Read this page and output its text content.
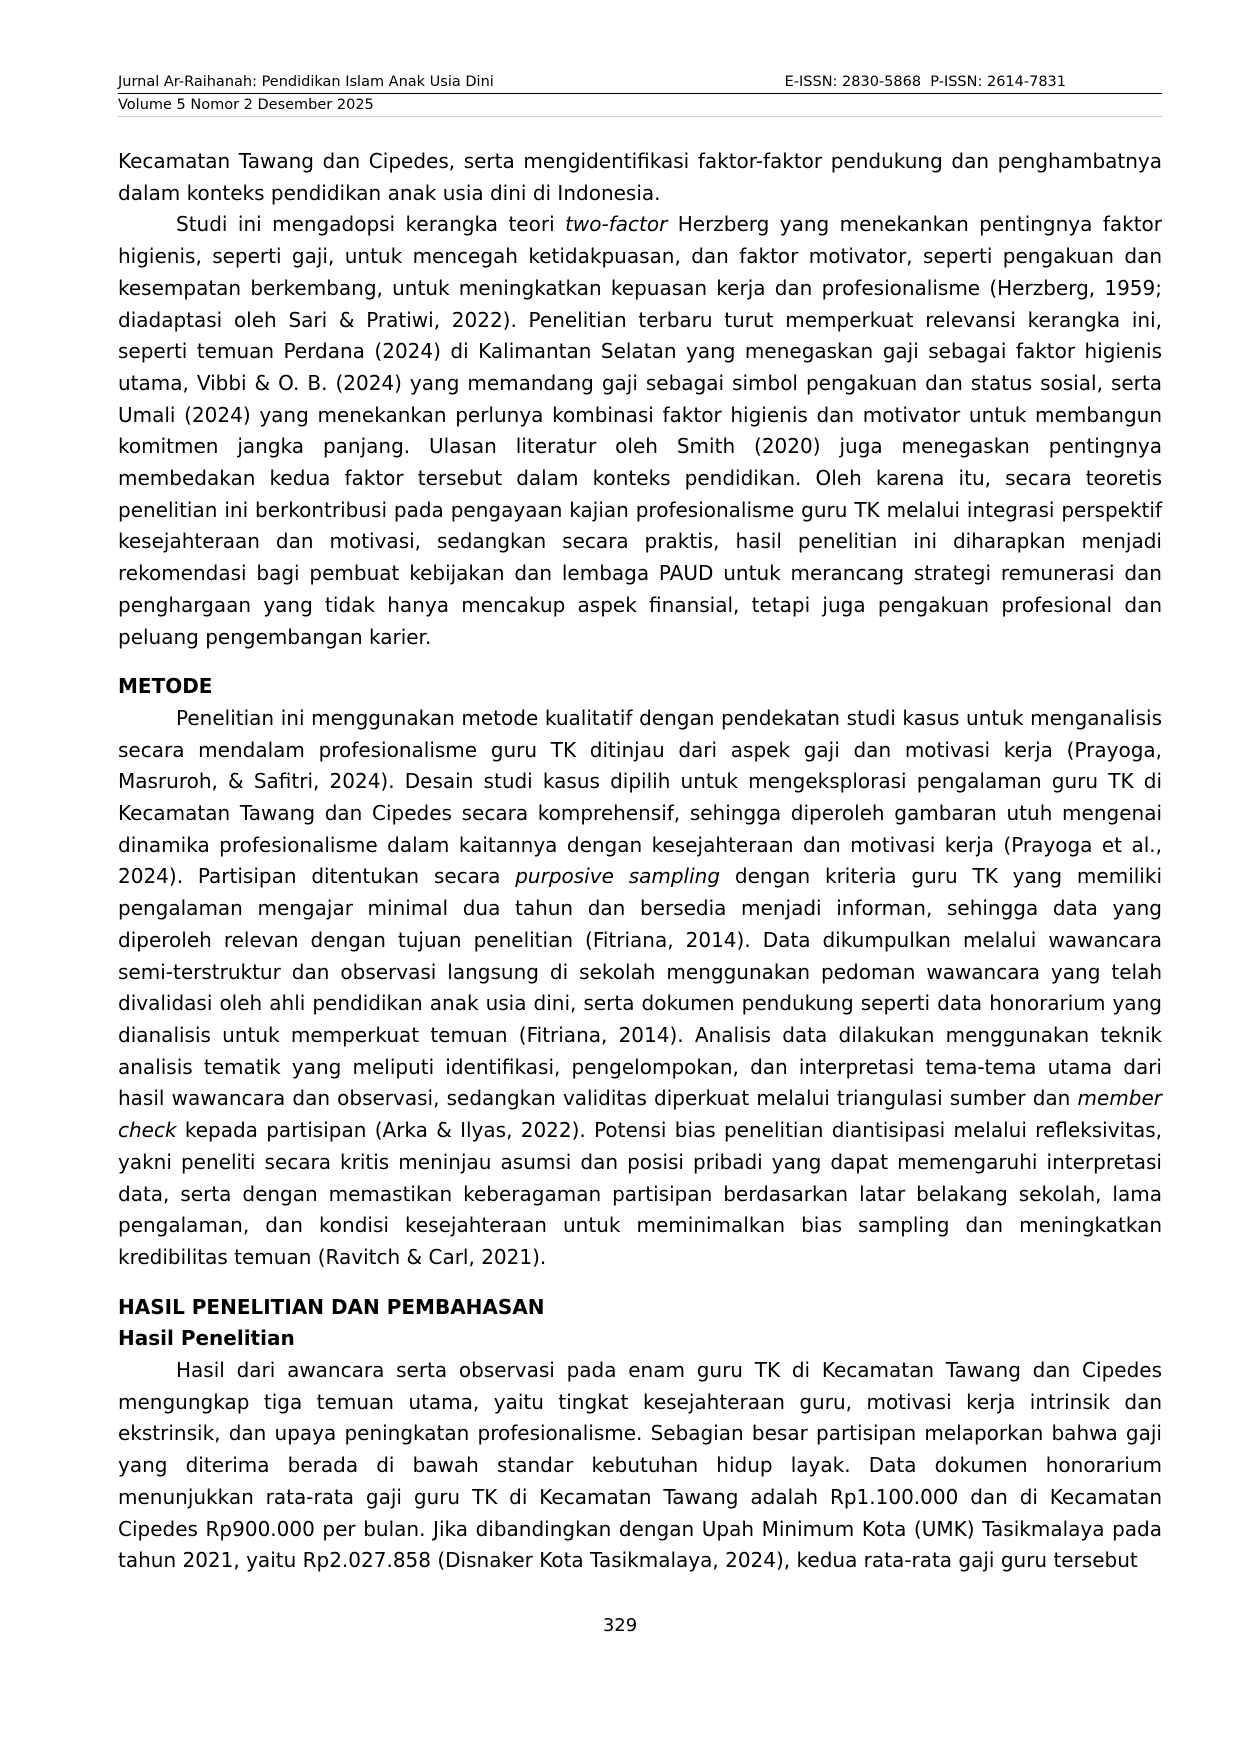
Jurnal Ar-Raihanah: Pendidikan Islam Anak Usia Dini	E-ISSN: 2830-5868  P-ISSN: 2614-7831
Volume 5 Nomor 2 Desember 2025

Kecamatan Tawang dan Cipedes, serta mengidentifikasi faktor-faktor pendukung dan penghambatnya dalam konteks pendidikan anak usia dini di Indonesia.

Studi ini mengadopsi kerangka teori two-factor Herzberg yang menekankan pentingnya faktor higienis, seperti gaji, untuk mencegah ketidakpuasan, dan faktor motivator, seperti pengakuan dan kesempatan berkembang, untuk meningkatkan kepuasan kerja dan profesionalisme (Herzberg, 1959; diadaptasi oleh Sari & Pratiwi, 2022). Penelitian terbaru turut memperkuat relevansi kerangka ini, seperti temuan Perdana (2024) di Kalimantan Selatan yang menegaskan gaji sebagai faktor higienis utama, Vibbi & O. B. (2024) yang memandang gaji sebagai simbol pengakuan dan status sosial, serta Umali (2024) yang menekankan perlunya kombinasi faktor higienis dan motivator untuk membangun komitmen jangka panjang. Ulasan literatur oleh Smith (2020) juga menegaskan pentingnya membedakan kedua faktor tersebut dalam konteks pendidikan. Oleh karena itu, secara teoretis penelitian ini berkontribusi pada pengayaan kajian profesionalisme guru TK melalui integrasi perspektif kesejahteraan dan motivasi, sedangkan secara praktis, hasil penelitian ini diharapkan menjadi rekomendasi bagi pembuat kebijakan dan lembaga PAUD untuk merancang strategi remunerasi dan penghargaan yang tidak hanya mencakup aspek finansial, tetapi juga pengakuan profesional dan peluang pengembangan karier.

METODE

Penelitian ini menggunakan metode kualitatif dengan pendekatan studi kasus untuk menganalisis secara mendalam profesionalisme guru TK ditinjau dari aspek gaji dan motivasi kerja (Prayoga, Masruroh, & Safitri, 2024). Desain studi kasus dipilih untuk mengeksplorasi pengalaman guru TK di Kecamatan Tawang dan Cipedes secara komprehensif, sehingga diperoleh gambaran utuh mengenai dinamika profesionalisme dalam kaitannya dengan kesejahteraan dan motivasi kerja (Prayoga et al., 2024). Partisipan ditentukan secara purposive sampling dengan kriteria guru TK yang memiliki pengalaman mengajar minimal dua tahun dan bersedia menjadi informan, sehingga data yang diperoleh relevan dengan tujuan penelitian (Fitriana, 2014). Data dikumpulkan melalui wawancara semi-terstruktur dan observasi langsung di sekolah menggunakan pedoman wawancara yang telah divalidasi oleh ahli pendidikan anak usia dini, serta dokumen pendukung seperti data honorarium yang dianalisis untuk memperkuat temuan (Fitriana, 2014). Analisis data dilakukan menggunakan teknik analisis tematik yang meliputi identifikasi, pengelompokan, dan interpretasi tema-tema utama dari hasil wawancara dan observasi, sedangkan validitas diperkuat melalui triangulasi sumber dan member check kepada partisipan (Arka & Ilyas, 2022). Potensi bias penelitian diantisipasi melalui refleksivitas, yakni peneliti secara kritis meninjau asumsi dan posisi pribadi yang dapat memengaruhi interpretasi data, serta dengan memastikan keberagaman partisipan berdasarkan latar belakang sekolah, lama pengalaman, dan kondisi kesejahteraan untuk meminimalkan bias sampling dan meningkatkan kredibilitas temuan (Ravitch & Carl, 2021).

HASIL PENELITIAN DAN PEMBAHASAN
Hasil Penelitian

Hasil dari awancara serta observasi pada enam guru TK di Kecamatan Tawang dan Cipedes mengungkap tiga temuan utama, yaitu tingkat kesejahteraan guru, motivasi kerja intrinsik dan ekstrinsik, dan upaya peningkatan profesionalisme. Sebagian besar partisipan melaporkan bahwa gaji yang diterima berada di bawah standar kebutuhan hidup layak. Data dokumen honorarium menunjukkan rata-rata gaji guru TK di Kecamatan Tawang adalah Rp1.100.000 dan di Kecamatan Cipedes Rp900.000 per bulan. Jika dibandingkan dengan Upah Minimum Kota (UMK) Tasikmalaya pada tahun 2021, yaitu Rp2.027.858 (Disnaker Kota Tasikmalaya, 2024), kedua rata-rata gaji guru tersebut

329
